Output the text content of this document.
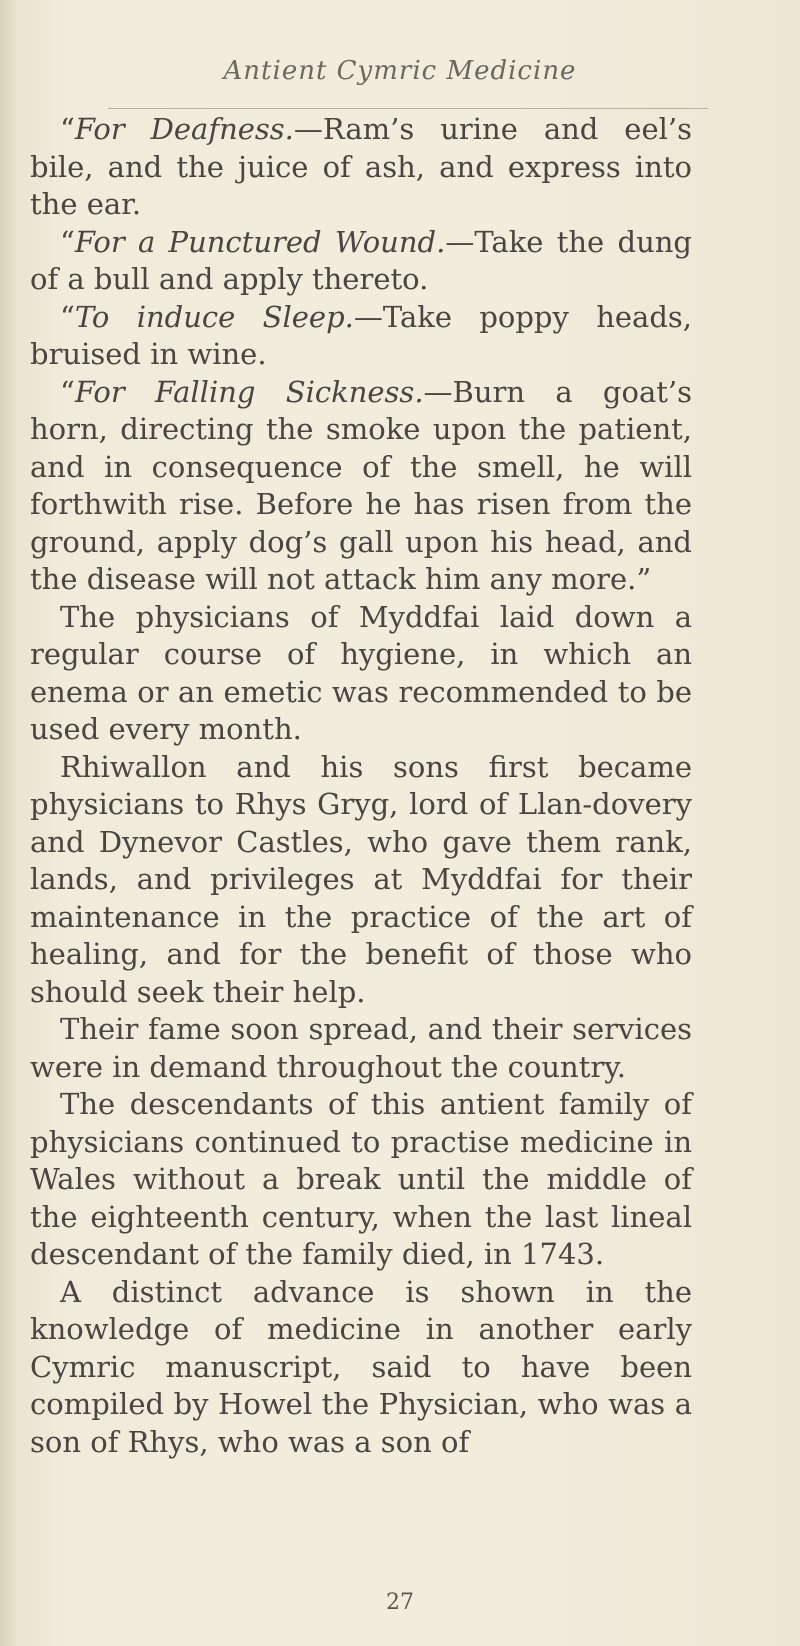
Antient Cymric Medicine

“For Deafness.—Ram’s urine and eel’s bile, and the juice of ash, and express into the ear.

“For a Punctured Wound.—Take the dung of a bull and apply thereto.

“To induce Sleep.—Take poppy heads, bruised in wine.

“For Falling Sickness.—Burn a goat’s horn, directing the smoke upon the patient, and in consequence of the smell, he will forthwith rise. Before he has risen from the ground, apply dog’s gall upon his head, and the disease will not attack him any more.”

The physicians of Myddfai laid down a regular course of hygiene, in which an enema or an emetic was recommended to be used every month.

Rhiwallon and his sons first became physicians to Rhys Gryg, lord of Llan-dovery and Dynevor Castles, who gave them rank, lands, and privileges at Myddfai for their maintenance in the practice of the art of healing, and for the benefit of those who should seek their help.

Their fame soon spread, and their services were in demand throughout the country.

The descendants of this antient family of physicians continued to practise medicine in Wales without a break until the middle of the eighteenth century, when the last lineal descendant of the family died, in 1743.

A distinct advance is shown in the knowledge of medicine in another early Cymric manuscript, said to have been compiled by Howel the Physician, who was a son of Rhys, who was a son of

27
